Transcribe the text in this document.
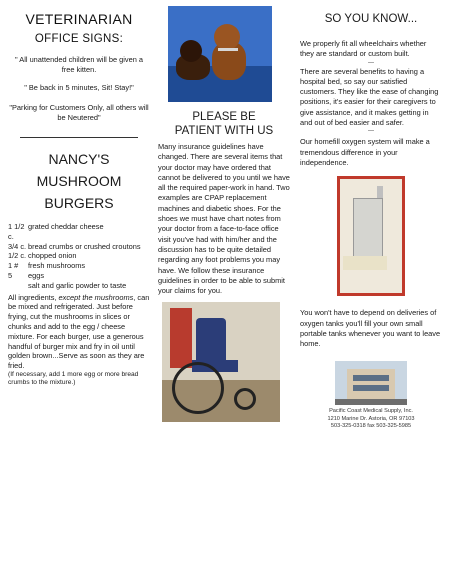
VETERINARIAN
OFFICE SIGNS:

" All unattended children will be given a free kitten.

" Be back in 5 minutes, Sit! Stay!"

"Parking for Customers Only, all others will be Neutered"

NANCY'S
MUSHROOM
BURGERS
1 1/2 c.	grated cheddar cheese
3/4 c.	bread crumbs or crushed croutons
1/2 c.	chopped onion
1 #	fresh mushrooms
5	eggs
	salt and garlic powder to taste

All ingredients, except the mushrooms, can be mixed and refrigerated. Just before frying, cut the mushrooms in slices or chunks and add to the egg / cheese mixture. For each burger, use a generous handful of burger mix and fry in oil until golden brown...Serve as soon as they are fried.

(If necessary, add 1 more egg or more bread crumbs to the mixture.)

PLEASE BE
PATIENT WITH US

Many insurance guidelines have changed. There are several items that your doctor may have ordered that cannot be delivered to you until we have all the required paper-work in hand. Two examples are CPAP replacement machines and diabetic shoes. For the shoes we must have chart notes from your doctor from a face-to-face office visit you've had with him/her and the discussion has to be quite detailed regarding any foot problems you may have. We follow these insurance guidelines in order to be able to submit your claims for you.

SO YOU KNOW...

We properly fit all wheelchairs whether they are standard or custom built.

---

There are several benefits to having a hospital bed, so say our satisfied customers. They like the ease of changing positions, it's easier for their caregivers to give assistance, and it makes getting in and out of bed easier and safer.

---

Our homefill oxygen system will make a tremendous difference in your independence.

You won't have to depend on deliveries of oxygen tanks you'll fill your own small portable tanks whenever you want to leave home.

Pacific Coast Medical Supply, Inc.
1210 Marine Dr. Astoria, OR 97103
503-325-0318 fax 503-325-5985
